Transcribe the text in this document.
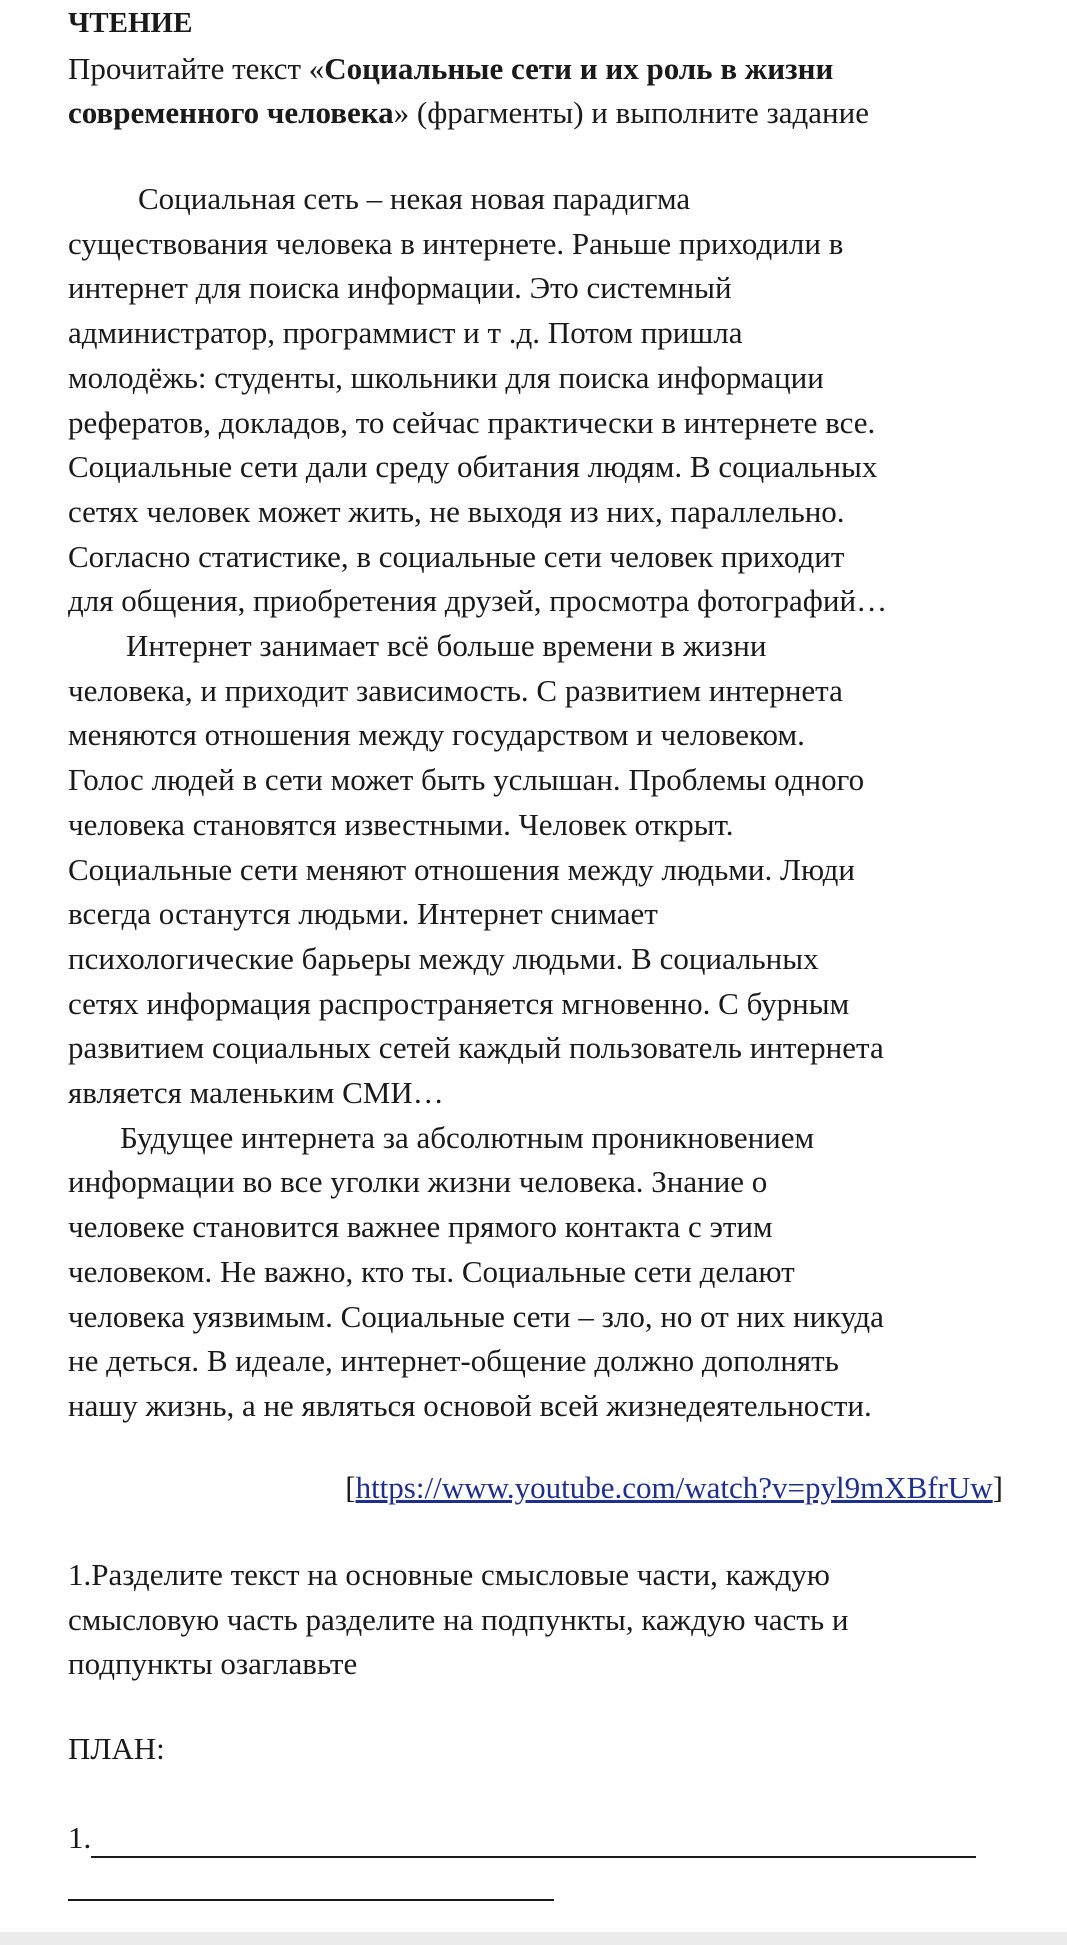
ЧТЕНИЕ
Прочитайте текст «Социальные сети и их роль в жизни
современного человека» (фрагменты) и выполните задание
Социальная сеть – некая новая парадигма
существования человека в интернете. Раньше приходили в
интернет для поиска информации. Это системный
администратор, программист и т .д. Потом пришла
молодёжь: студенты, школьники для поиска информации
рефератов, докладов, то сейчас практически в интернете все.
Социальные сети дали среду обитания людям. В социальных
сетях человек может жить, не выходя из них, параллельно.
Согласно статистике, в социальные сети человек приходит
для общения, приобретения друзей, просмотра фотографий…
Интернет занимает всё больше времени в жизни
человека, и приходит зависимость. С развитием интернета
меняются отношения между государством и человеком.
Голос людей в сети может быть услышан. Проблемы одного
человека становятся известными. Человек открыт.
Социальные сети меняют отношения между людьми. Люди
всегда останутся людьми. Интернет снимает
психологические барьеры между людьми. В социальных
сетях информация распространяется мгновенно. С бурным
развитием социальных сетей каждый пользователь интернета
является маленьким СМИ…
Будущее интернета за абсолютным проникновением
информации во все уголки жизни человека. Знание о
человеке становится важнее прямого контакта с этим
человеком. Не важно, кто ты. Социальные сети делают
человека уязвимым. Социальные сети – зло, но от них никуда
не деться. В идеале, интернет-общение должно дополнять
нашу жизнь, а не являться основой всей жизнедеятельности.
[https://www.youtube.com/watch?v=pyl9mXBfrUw]
1.Разделите текст на основные смысловые части, каждую
смысловую часть разделите на подпункты, каждую часть и
подпункты озаглавьте
ПЛАН:
1.
